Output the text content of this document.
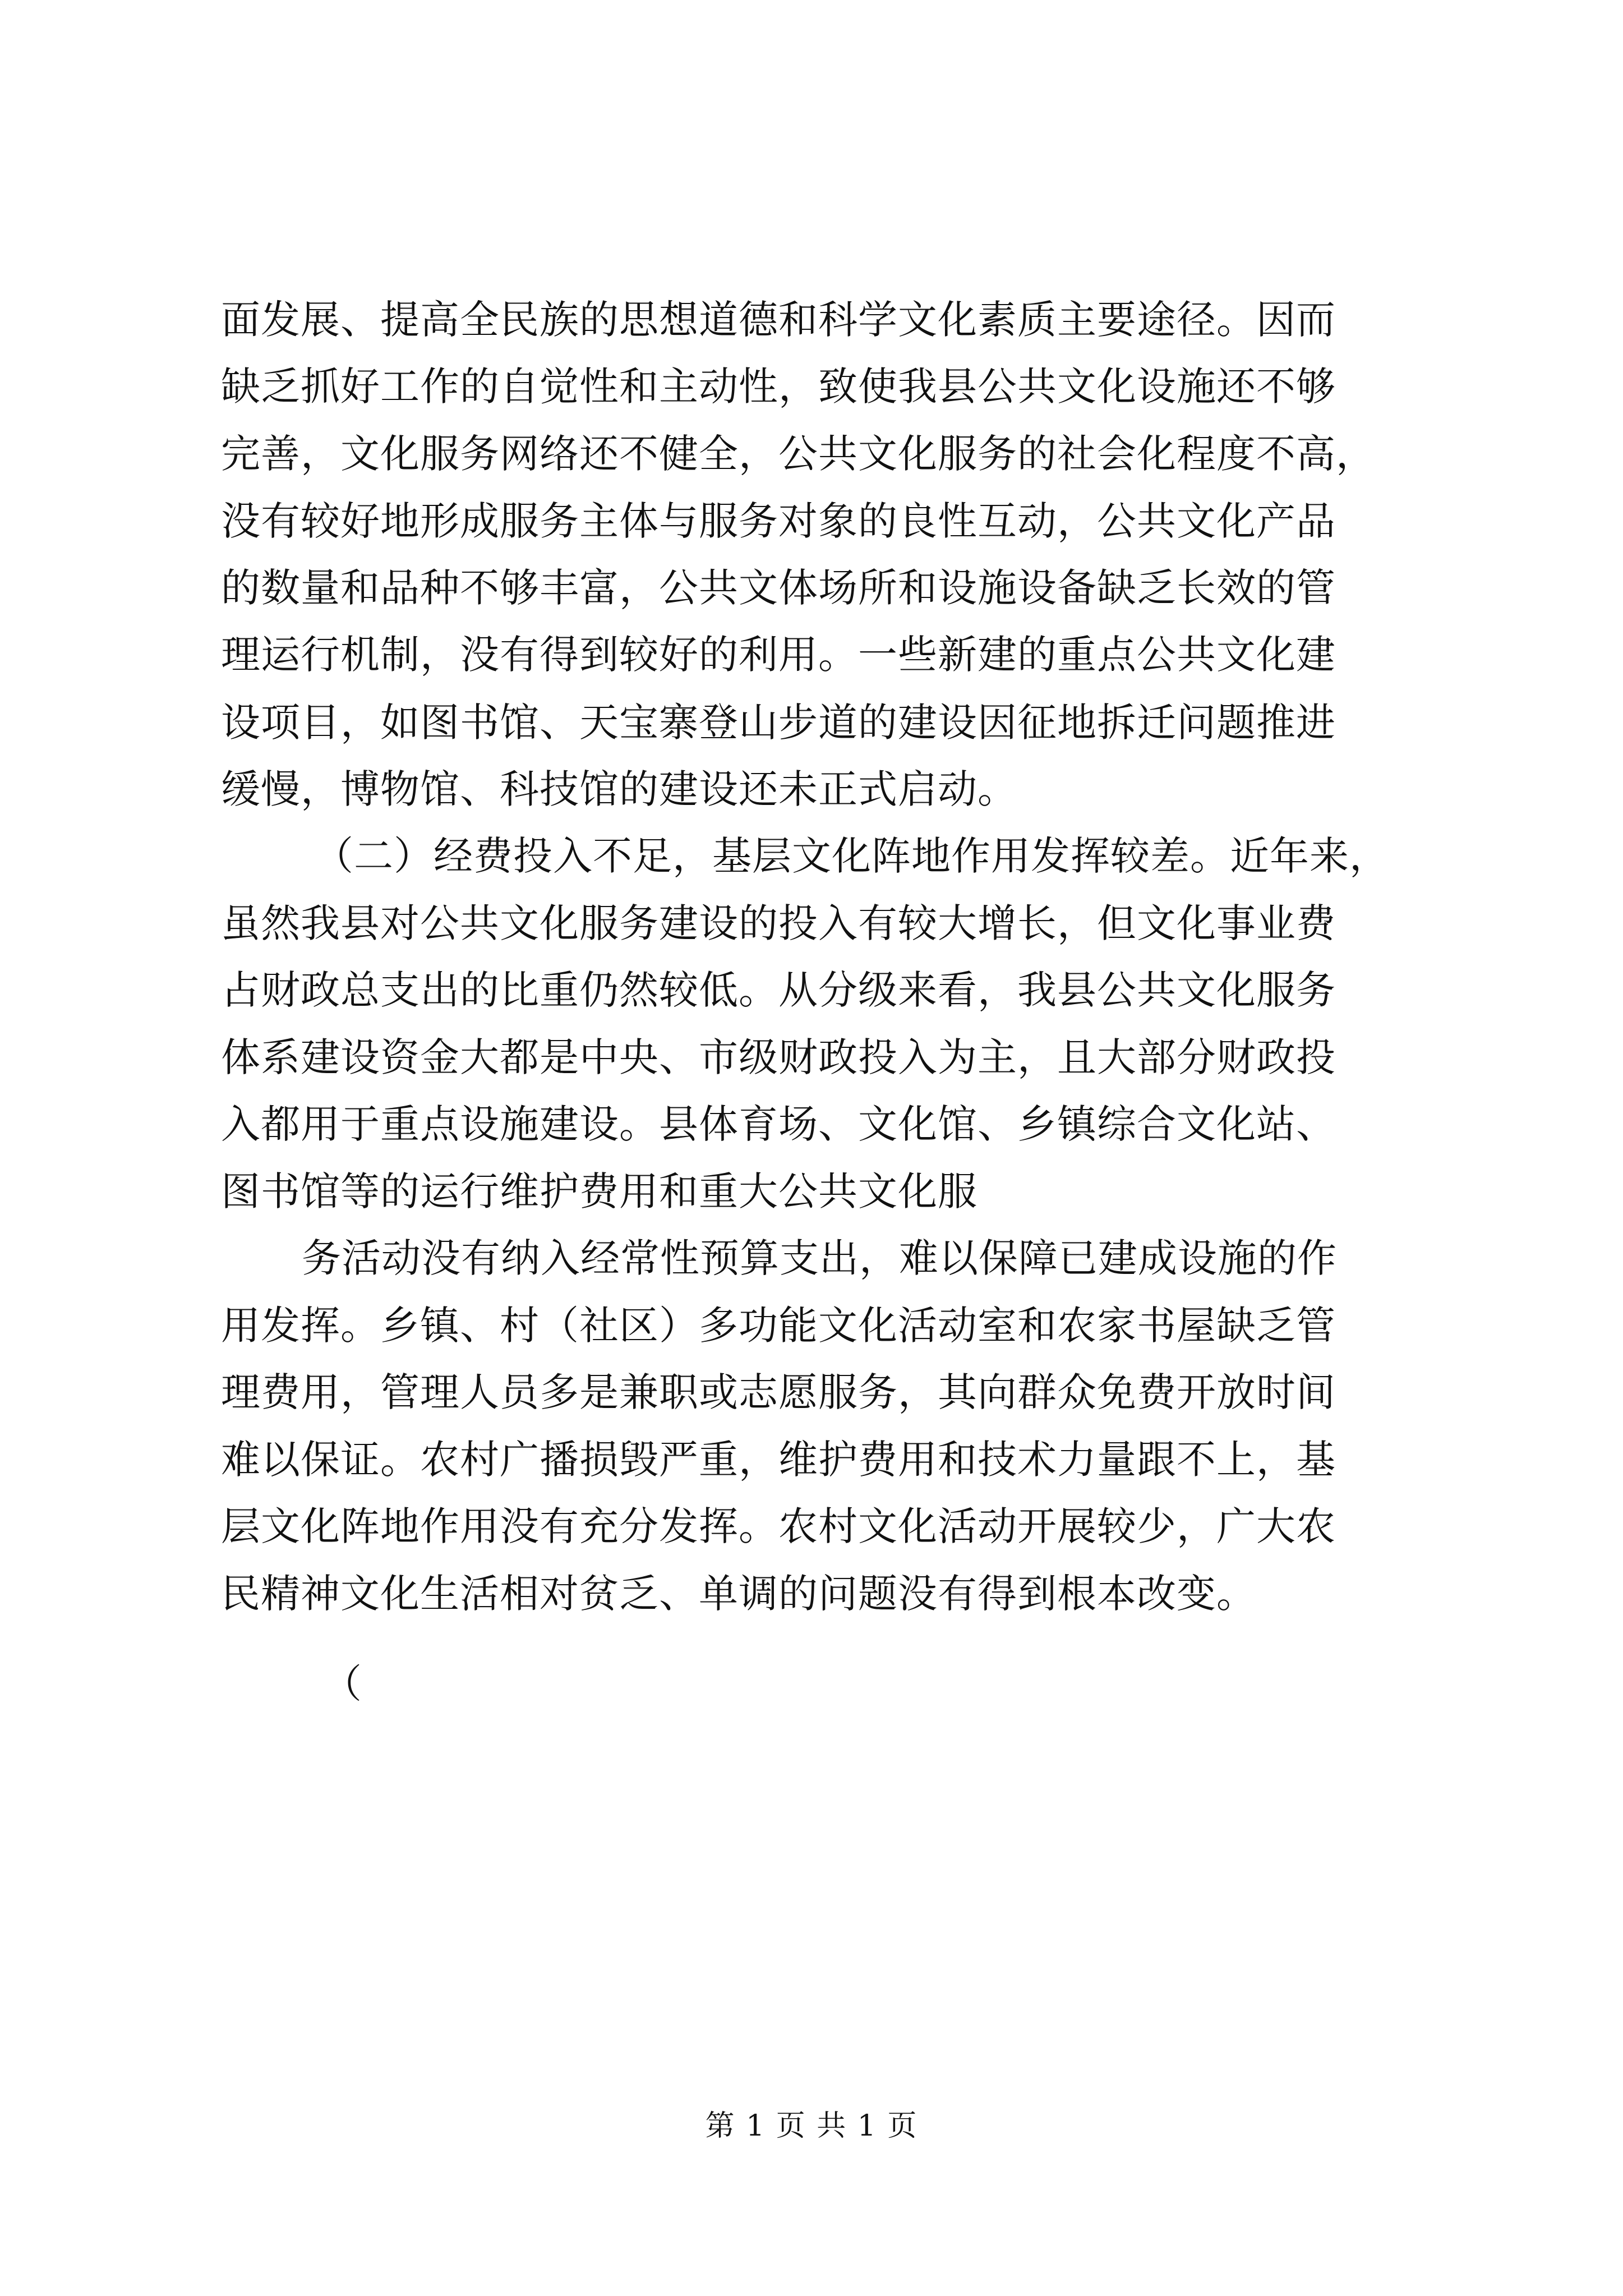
面发展、提高全民族的思想道德和科学文化素质主要途径。因而
缺乏抓好工作的自觉性和主动性，致使我县公共文化设施还不够
完善，文化服务网络还不健全，公共文化服务的社会化程度不高，
没有较好地形成服务主体与服务对象的良性互动，公共文化产品
的数量和品种不够丰富，公共文体场所和设施设备缺乏长效的管
理运行机制，没有得到较好的利用。一些新建的重点公共文化建
设项目，如图书馆、天宝寨登山步道的建设因征地拆迁问题推进
缓慢，博物馆、科技馆的建设还未正式启动。
（二）经费投入不足，基层文化阵地作用发挥较差。近年来，
虽然我县对公共文化服务建设的投入有较大增长，但文化事业费
占财政总支出的比重仍然较低。从分级来看，我县公共文化服务
体系建设资金大都是中央、市级财政投入为主，且大部分财政投
入都用于重点设施建设。县体育场、文化馆、乡镇综合文化站、
图书馆等的运行维护费用和重大公共文化服
务活动没有纳入经常性预算支出，难以保障已建成设施的作
用发挥。乡镇、村（社区）多功能文化活动室和农家书屋缺乏管
理费用，管理人员多是兼职或志愿服务，其向群众免费开放时间
难以保证。农村广播损毁严重，维护费用和技术力量跟不上，基
层文化阵地作用没有充分发挥。农村文化活动开展较少，广大农
民精神文化生活相对贫乏、单调的问题没有得到根本改变。
（
第 1 页 共 1 页
